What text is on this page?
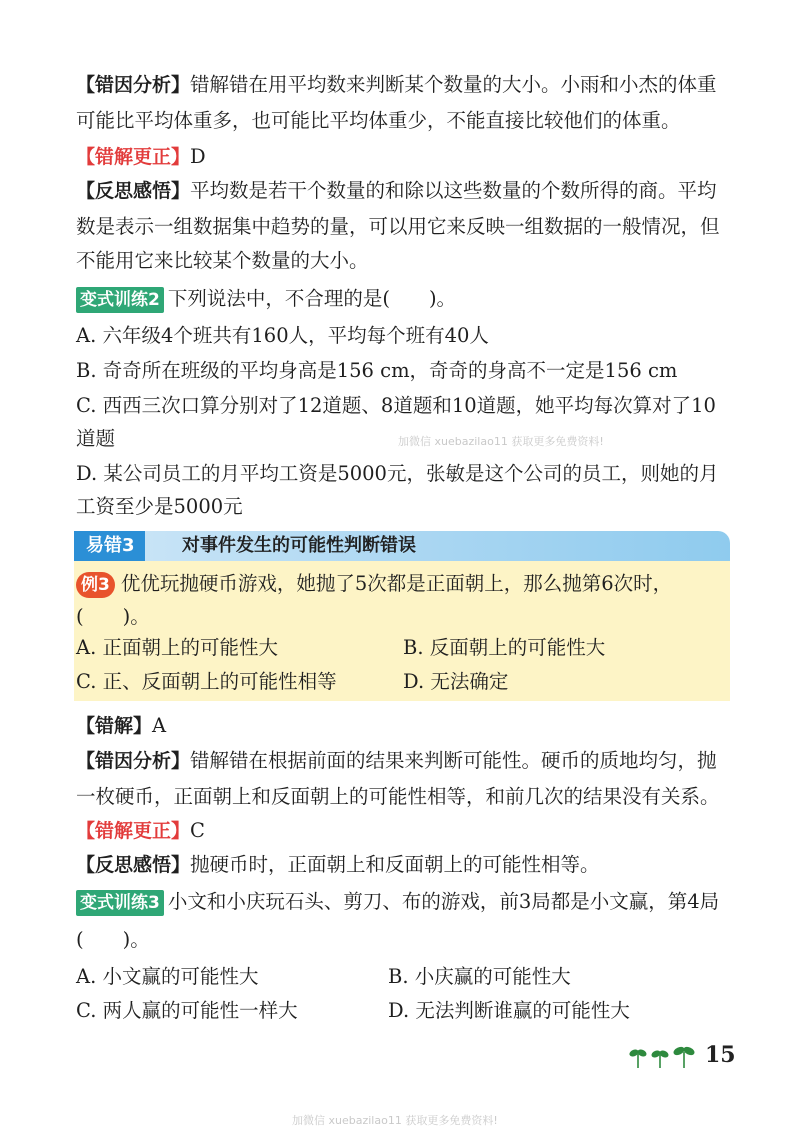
【错因分析】错解错在用平均数来判断某个数量的大小。小雨和小杰的体重
可能比平均体重多，也可能比平均体重少，不能直接比较他们的体重。
【错解更正】D
【反思感悟】平均数是若干个数量的和除以这些数量的个数所得的商。平均
数是表示一组数据集中趋势的量，可以用它来反映一组数据的一般情况，但
不能用它来比较某个数量的大小。
变式训练2 下列说法中，不合理的是(　　)。
A. 六年级4个班共有160人，平均每个班有40人
B. 奇奇所在班级的平均身高是156 cm，奇奇的身高不一定是156 cm
C. 西西三次口算分别对了12道题、8道题和10道题，她平均每次算对了10
道题	加微信 xuebazilao11 获取更多免费资料!
D. 某公司员工的月平均工资是5000元，张敏是这个公司的员工，则她的月
工资至少是5000元
易错3	对事件发生的可能性判断错误
例3 优优玩抛硬币游戏，她抛了5次都是正面朝上，那么抛第6次时，
(　　)。
A. 正面朝上的可能性大	B. 反面朝上的可能性大
C. 正、反面朝上的可能性相等	D. 无法确定
【错解】A
【错因分析】错解错在根据前面的结果来判断可能性。硬币的质地均匀，抛
一枚硬币，正面朝上和反面朝上的可能性相等，和前几次的结果没有关系。
【错解更正】C
【反思感悟】抛硬币时，正面朝上和反面朝上的可能性相等。
变式训练3 小文和小庆玩石头、剪刀、布的游戏，前3局都是小文赢，第4局
(　　)。
A. 小文赢的可能性大	B. 小庆赢的可能性大
C. 两人赢的可能性一样大	D. 无法判断谁赢的可能性大
15
加微信 xuebazilao11 获取更多免费资料!
